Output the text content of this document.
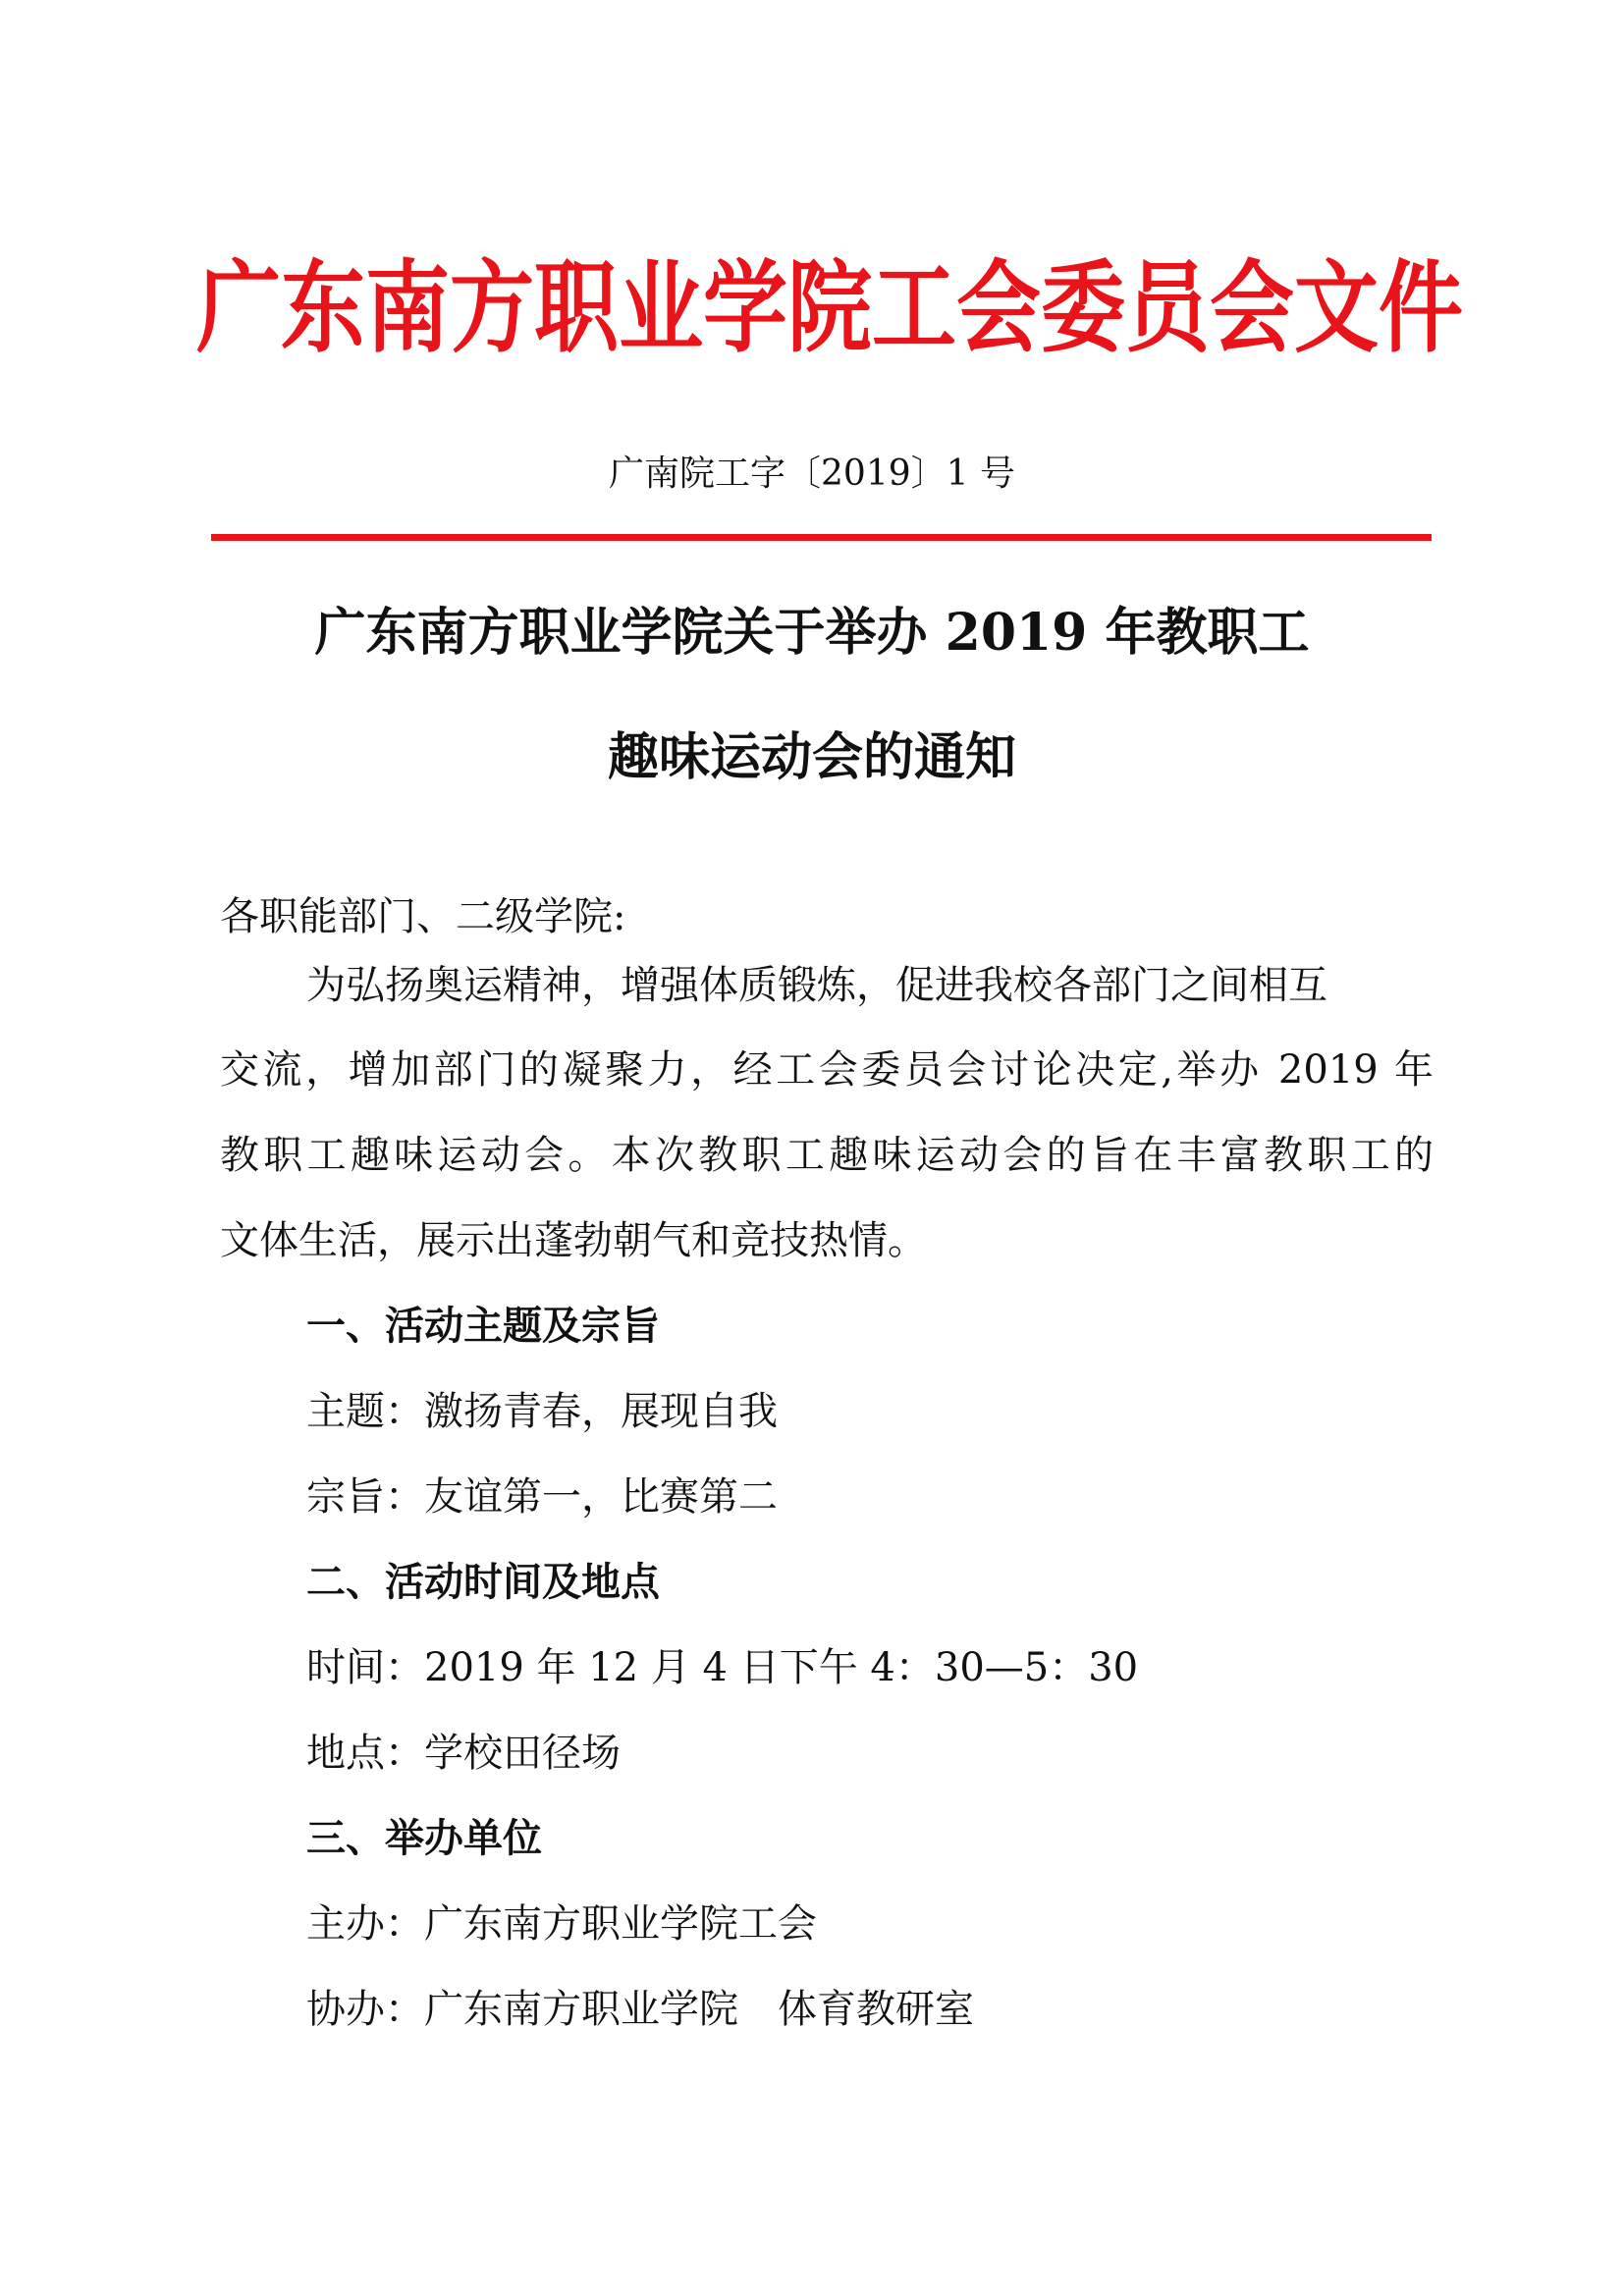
广东南方职业学院工会委员会文件
广南院工字〔2019〕1 号
广东南方职业学院关于举办 2019 年教职工
趣味运动会的通知
各职能部门、二级学院:
为弘扬奥运精神，增强体质锻炼，促进我校各部门之间相互
交流，增加部门的凝聚力，经工会委员会讨论决定,举办 2019 年
教职工趣味运动会。本次教职工趣味运动会的旨在丰富教职工的
文体生活，展示出蓬勃朝气和竞技热情。
一、活动主题及宗旨
主题：激扬青春，展现自我
宗旨：友谊第一，比赛第二
二、活动时间及地点
时间：2019 年 12 月 4 日下午 4：30—5：30
地点：学校田径场
三、举办单位
主办：广东南方职业学院工会
协办：广东南方职业学院　体育教研室
